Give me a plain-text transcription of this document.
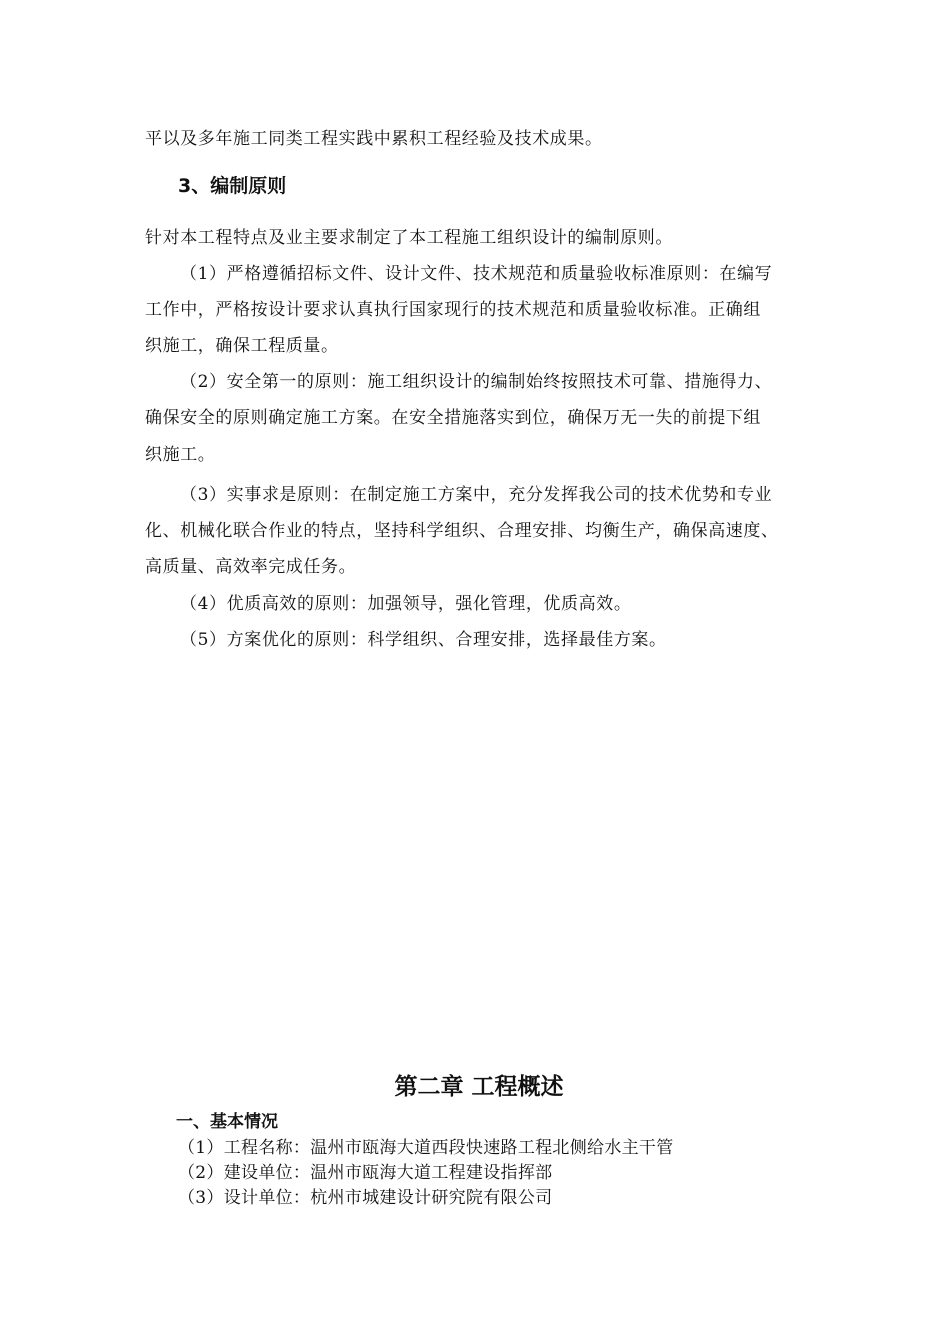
平以及多年施工同类工程实践中累积工程经验及技术成果。
3、编制原则
针对本工程特点及业主要求制定了本工程施工组织设计的编制原则。
（1）严格遵循招标文件、设计文件、技术规范和质量验收标准原则：在编写
工作中，严格按设计要求认真执行国家现行的技术规范和质量验收标准。正确组
织施工，确保工程质量。
（2）安全第一的原则：施工组织设计的编制始终按照技术可靠、措施得力、
确保安全的原则确定施工方案。在安全措施落实到位，确保万无一失的前提下组
织施工。
（3）实事求是原则：在制定施工方案中，充分发挥我公司的技术优势和专业
化、机械化联合作业的特点，坚持科学组织、合理安排、均衡生产，确保高速度、
高质量、高效率完成任务。
（4）优质高效的原则：加强领导，强化管理，优质高效。
（5）方案优化的原则：科学组织、合理安排，选择最佳方案。
第二章 工程概述
一、基本情况
（1）工程名称：温州市瓯海大道西段快速路工程北侧给水主干管
（2）建设单位：温州市瓯海大道工程建设指挥部
（3）设计单位：杭州市城建设计研究院有限公司
